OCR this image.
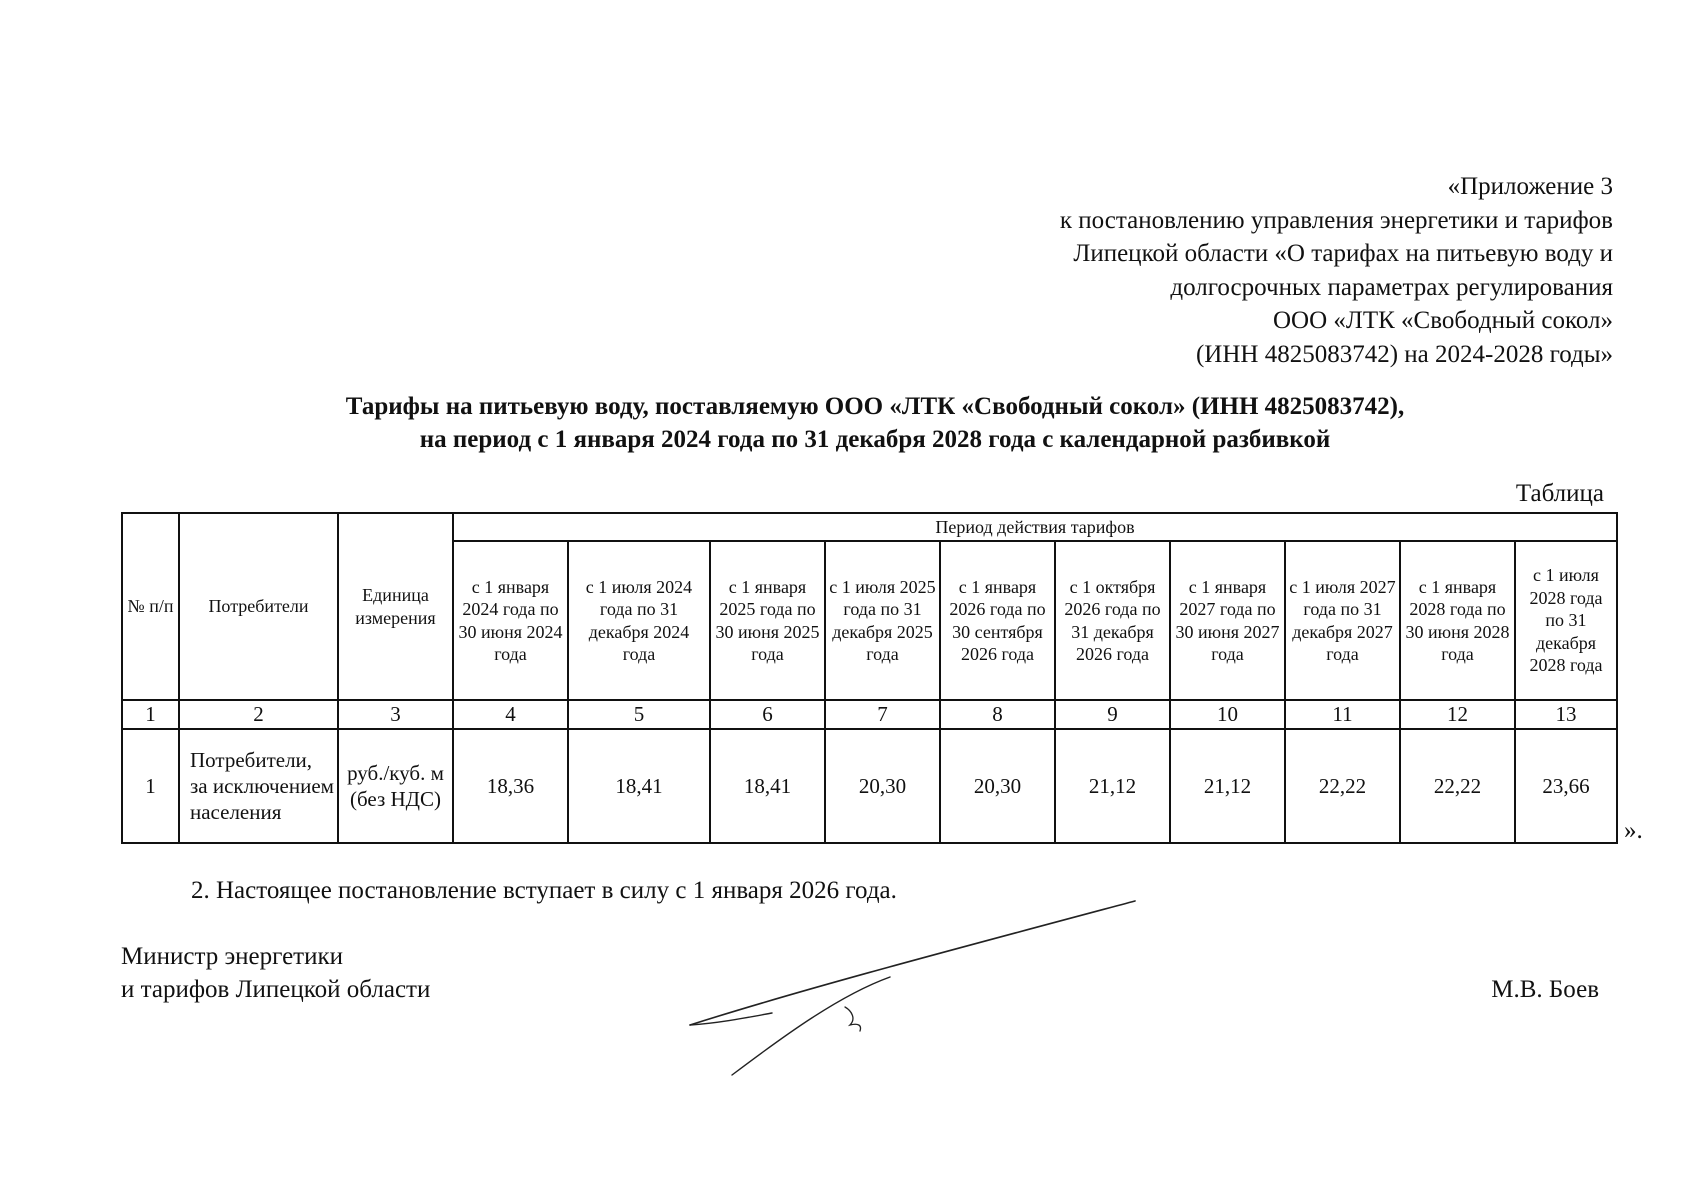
«Приложение 3
к постановлению управления энергетики и тарифов
Липецкой области «О тарифах на питьевую воду и
долгосрочных параметрах регулирования
ООО «ЛТК «Свободный сокол»
(ИНН 4825083742) на 2024-2028 годы»
Тарифы на питьевую воду, поставляемую ООО «ЛТК «Свободный сокол» (ИНН 4825083742),
на период с 1 января 2024 года по 31 декабря 2028 года с календарной разбивкой
Таблица
№ п/п	Потребители	Единица измерения	Период действия тарифов									
			с 1 января 2024 года по 30 июня 2024 года	с 1 июля 2024 года по 31 декабря 2024 года	с 1 января 2025 года по 30 июня 2025 года	с 1 июля 2025 года по 31 декабря 2025 года	с 1 января 2026 года по 30 сентября 2026 года	с 1 октября 2026 года по 31 декабря 2026 года	с 1 января 2027 года по 30 июня 2027 года	с 1 июля 2027 года по 31 декабря 2027 года	с 1 января 2028 года по 30 июня 2028 года	с 1 июля 2028 года по 31 декабря 2028 года
1	2	3	4	5	6	7	8	9	10	11	12	13
1	Потребители, за исключением населения	руб./куб. м (без НДС)	18,36	18,41	18,41	20,30	20,30	21,12	21,12	22,22	22,22	23,66
».
2. Настоящее постановление вступает в силу с 1 января 2026 года.
Министр энергетики
и тарифов Липецкой области	М.В. Боев
